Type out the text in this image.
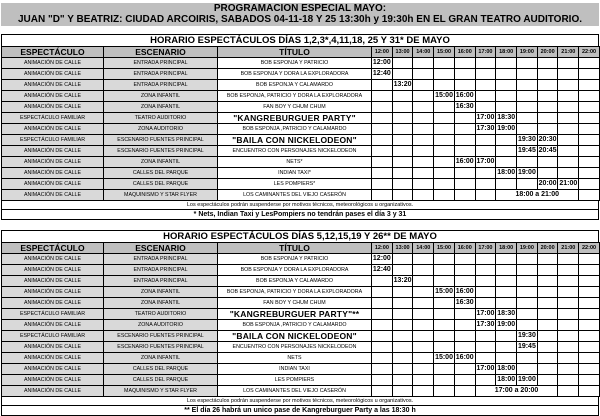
PROGRAMACION ESPECIAL MAYO:
JUAN "D" Y BEATRIZ: CIUDAD ARCOIRIS, SABADOS 04-11-18 Y 25 13:30h y 19:30h EN EL GRAN TEATRO AUDITORIO.
HORARIO ESPECTÁCULOS DÍAS 1,2,3*,4,11,18, 25 Y 31* DE MAYO
ESPECTÁCULO	ESCENARIO	TÍTULO	12:00	13:00	14:00	15:00	16:00	17:00	18:00	19:00	20:00	21:00	22:00
ANIMACIÓN DE CALLE	ENTRADA PRINCIPAL	BOB ESPONJA Y PATRICIO	12:00										
ANIMACIÓN DE CALLE	ENTRADA PRINCIPAL	BOB ESPONJA Y DORA LA EXPLORADORA	12:40										
ANIMACIÓN DE CALLE	ENTRADA PRINCIPAL	BOB ESPONJA Y CALAMARDO		13:20									
ANIMACIÓN DE CALLE	ZONA INFANTIL	BOB ESPONJA, PATRICIO Y DORA LA EXPLORADORA				15:00	16:00						
ANIMACIÓN DE CALLE	ZONA INFANTIL	FAN BOY Y CHUM CHUM					16:30						
ESPECTÁCULO FAMILIAR	TEATRO AUDITORIO	"KANGREBURGUER PARTY"						17:00	18:30				
ANIMACIÓN DE CALLE	ZONA AUDITORIO	BOB ESPONJA ,PATRICIO Y CALAMARDO						17:30	19:00				
ESPECTÁCULO FAMILIAR	ESCENARIO FUENTES PRINCIPAL	"BAILA CON NICKELODEON"								19:30	20:30		
ANIMACIÓN DE CALLE	ESCENARIO FUENTES PRINCIPAL	ENCUENTRO CON PERSONAJES NICKELODEON								19:45	20:45		
ANIMACIÓN DE CALLE	ZONA INFANTIL	NETS*					16:00	17:00					
ANIMACIÓN DE CALLE	CALLES DEL PARQUE	INDIAN TAXI*							18:00	19:00			
ANIMACIÓN DE CALLE	CALLES DEL PARQUE	LES POMPIERS*									20:00	21:00	
ANIMACIÓN DE CALLE	MAQUINISMO Y STAR FLYER	LOS CAMINANTES DEL VIEJO CASERÓN							18:00 a 21:00				
Los espectáculos podrán suspenderse por motivos técnicos, meteorológicos u organizativos.
* Nets, Indian Taxi y LesPompiers no tendrán pases el día 3 y 31
HORARIO ESPECTÁCULOS DÍAS 5,12,15,19 Y 26** DE MAYO
ESPECTÁCULO	ESCENARIO	TÍTULO	12:00	13:00	14:00	15:00	16:00	17:00	18:00	19:00	20:00	21:00	22:00
ANIMACIÓN DE CALLE	ENTRADA PRINCIPAL	BOB ESPONJA Y PATRICIO	12:00										
ANIMACIÓN DE CALLE	ENTRADA PRINCIPAL	BOB ESPONJA Y DORA LA EXPLORADORA	12:40										
ANIMACIÓN DE CALLE	ENTRADA PRINCIPAL	BOB ESPONJA Y CALAMARDO		13:20									
ANIMACIÓN DE CALLE	ZONA INFANTIL	BOB ESPONJA, PATRICIO Y DORA LA EXPLORADORA				15:00	16:00						
ANIMACIÓN DE CALLE	ZONA INFANTIL	FAN BOY Y CHUM CHUM					16:30						
ESPECTÁCULO FAMILIAR	TEATRO AUDITORIO	"KANGREBURGUER PARTY"**						17:00	18:30				
ANIMACIÓN DE CALLE	ZONA AUDITORIO	BOB ESPONJA ,PATRICIO Y CALAMARDO						17:30	19:00				
ESPECTÁCULO FAMILIAR	ESCENARIO FUENTES PRINCIPAL	"BAILA CON NICKELODEON"								19:30			
ANIMACIÓN DE CALLE	ESCENARIO FUENTES PRINCIPAL	ENCUENTRO CON PERSONAJES NICKELODEON								19:45			
ANIMACIÓN DE CALLE	ZONA INFANTIL	NETS				15:00	16:00						
ANIMACIÓN DE CALLE	CALLES DEL PARQUE	INDIAN TAXI						17:00	18:00				
ANIMACIÓN DE CALLE	CALLES DEL PARQUE	LES POMPIERS							18:00	19:00			
ANIMACIÓN DE CALLE	MAQUINISMO Y STAR FLYER	LOS CAMINANTES DEL VIEJO CASERÓN						17:00 a 20:00					
Los espectáculos podrán suspenderse por motivos técnicos, meteorológicos u organizativos.
** El día 26 habrá un unico pase de Kangreburguer Party a las 18:30 h
